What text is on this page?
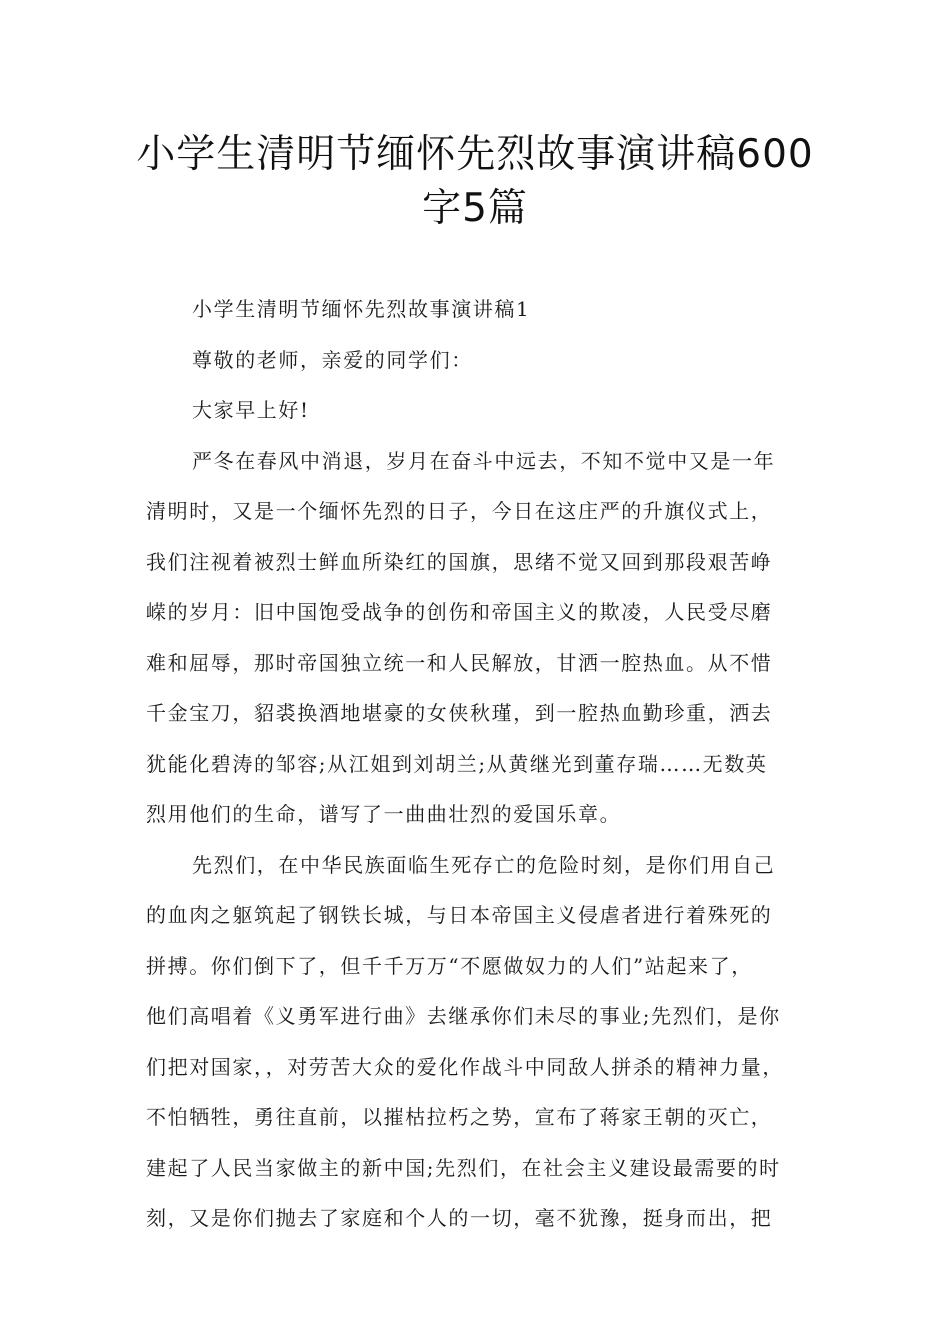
小学生清明节缅怀先烈故事演讲稿600
字5篇
小学生清明节缅怀先烈故事演讲稿1
尊敬的老师，亲爱的同学们：
大家早上好!
严冬在春风中消退，岁月在奋斗中远去，不知不觉中又是一年
清明时，又是一个缅怀先烈的日子，今日在这庄严的升旗仪式上，
我们注视着被烈士鲜血所染红的国旗，思绪不觉又回到那段艰苦峥
嵘的岁月：旧中国饱受战争的创伤和帝国主义的欺凌，人民受尽磨
难和屈辱，那时帝国独立统一和人民解放，甘洒一腔热血。从不惜
千金宝刀，貂裘换酒地堪豪的女侠秋瑾，到一腔热血勤珍重，洒去
犹能化碧涛的邹容;从江姐到刘胡兰;从黄继光到董存瑞……无数英
烈用他们的生命，谱写了一曲曲壮烈的爱国乐章。
先烈们，在中华民族面临生死存亡的危险时刻，是你们用自己
的血肉之躯筑起了钢铁长城，与日本帝国主义侵虐者进行着殊死的
拼搏。你们倒下了，但千千万万“不愿做奴力的人们”站起来了，
他们高唱着《义勇军进行曲》去继承你们未尽的事业;先烈们，是你
们把对国家，，对劳苦大众的爱化作战斗中同敌人拼杀的精神力量，
不怕牺牲，勇往直前，以摧枯拉朽之势，宣布了蒋家王朝的灭亡，
建起了人民当家做主的新中国;先烈们，在社会主义建设最需要的时
刻，又是你们抛去了家庭和个人的一切，毫不犹豫，挺身而出，把
